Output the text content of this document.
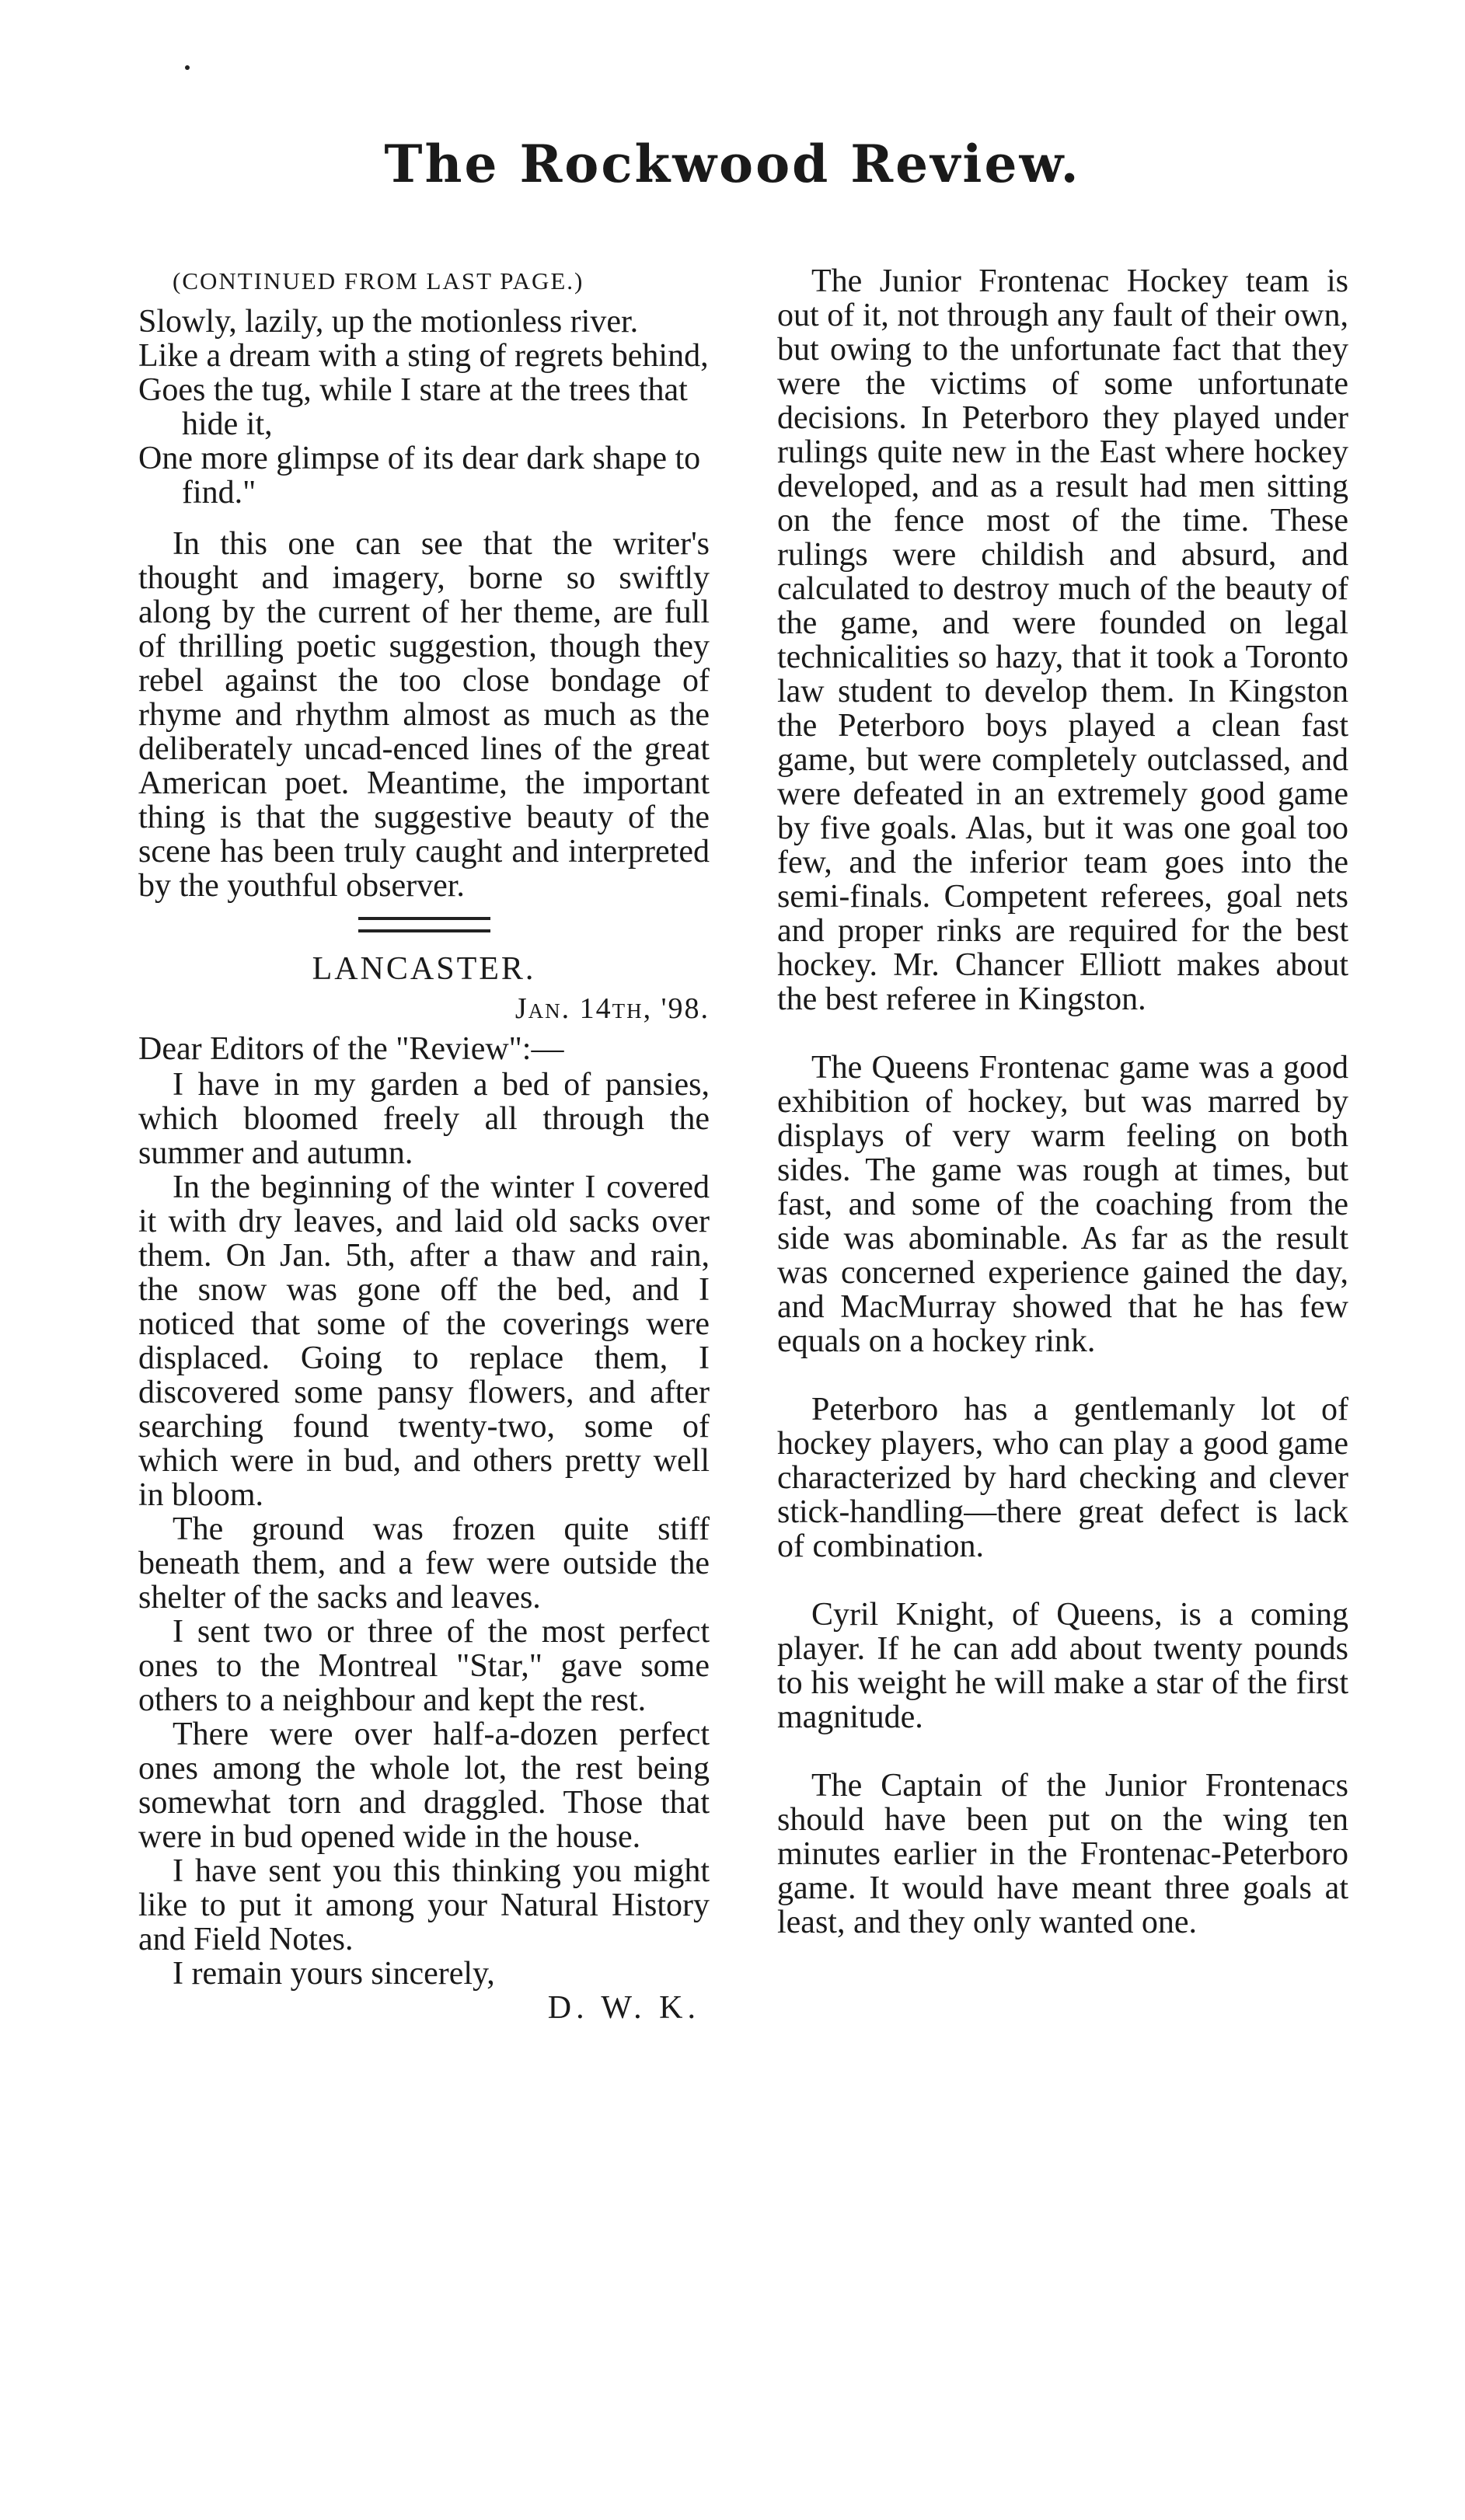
The Rockwood Review.
(CONTINUED FROM LAST PAGE.)

Slowly, lazily, up the motionless river.

Like a dream with a sting of regrets behind,

Goes the tug, while I stare at the trees that hide it,

One more glimpse of its dear dark shape to find."

In this one can see that the writer's thought and imagery, borne so swiftly along by the current of her theme, are full of thrilling poetic suggestion, though they rebel against the too close bondage of rhyme and rhythm almost as much as the deliberately uncad-enced lines of the great American poet. Meantime, the important thing is that the suggestive beauty of the scene has been truly caught and interpreted by the youthful observer.

LANCASTER.

Jan. 14th, '98.

Dear Editors of the "Review":—

I have in my garden a bed of pansies, which bloomed freely all through the summer and autumn.

In the beginning of the winter I covered it with dry leaves, and laid old sacks over them. On Jan. 5th, after a thaw and rain, the snow was gone off the bed, and I noticed that some of the coverings were displaced. Going to replace them, I discovered some pansy flowers, and after searching found twenty-two, some of which were in bud, and others pretty well in bloom.

The ground was frozen quite stiff beneath them, and a few were outside the shelter of the sacks and leaves.

I sent two or three of the most perfect ones to the Montreal "Star," gave some others to a neighbour and kept the rest.

There were over half-a-dozen perfect ones among the whole lot, the rest being somewhat torn and draggled. Those that were in bud opened wide in the house.

I have sent you this thinking you might like to put it among your Natural History and Field Notes.

I remain yours sincerely,

D. W. K.

The Junior Frontenac Hockey team is out of it, not through any fault of their own, but owing to the unfortunate fact that they were the victims of some unfortunate decisions. In Peterboro they played under rulings quite new in the East where hockey developed, and as a result had men sitting on the fence most of the time. These rulings were childish and absurd, and calculated to destroy much of the beauty of the game, and were founded on legal technicalities so hazy, that it took a Toronto law student to develop them. In Kingston the Peterboro boys played a clean fast game, but were completely outclassed, and were defeated in an extremely good game by five goals. Alas, but it was one goal too few, and the inferior team goes into the semi-finals. Competent referees, goal nets and proper rinks are required for the best hockey. Mr. Chancer Elliott makes about the best referee in Kingston.

The Queens Frontenac game was a good exhibition of hockey, but was marred by displays of very warm feeling on both sides. The game was rough at times, but fast, and some of the coaching from the side was abominable. As far as the result was concerned experience gained the day, and MacMurray showed that he has few equals on a hockey rink.

Peterboro has a gentlemanly lot of hockey players, who can play a good game characterized by hard checking and clever stick-handling—there great defect is lack of combination.

Cyril Knight, of Queens, is a coming player. If he can add about twenty pounds to his weight he will make a star of the first magnitude.

The Captain of the Junior Frontenacs should have been put on the wing ten minutes earlier in the Frontenac-Peterboro game. It would have meant three goals at least, and they only wanted one.
